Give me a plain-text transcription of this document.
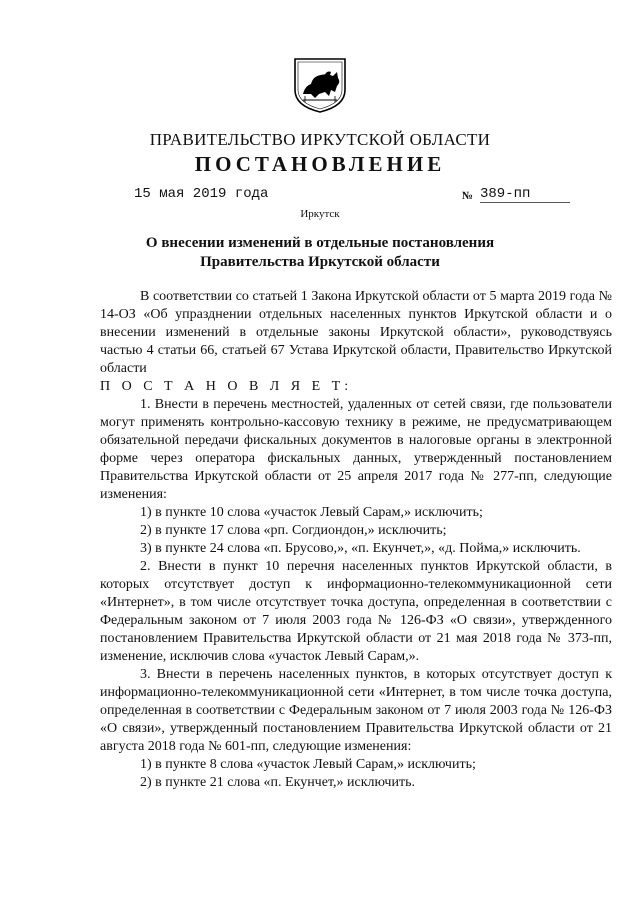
ПРАВИТЕЛЬСТВО ИРКУТСКОЙ ОБЛАСТИ
ПОСТАНОВЛЕНИЕ
15 мая 2019 года	№ 389-пп
Иркутск
О внесении изменений в отдельные постановления Правительства Иркутской области

В соответствии со статьей 1 Закона Иркутской области от 5 марта 2019 года № 14-ОЗ «Об упразднении отдельных населенных пунктов Иркутской области и о внесении изменений в отдельные законы Иркутской области», руководствуясь частью 4 статьи 66, статьей 67 Устава Иркутской области, Правительство Иркутской области

П О С Т А Н О В Л Я Е Т:

1. Внести в перечень местностей, удаленных от сетей связи, где пользователи могут применять контрольно-кассовую технику в режиме, не предусматривающем обязательной передачи фискальных документов в налоговые органы в электронной форме через оператора фискальных данных, утвержденный постановлением Правительства Иркутской области от 25 апреля 2017 года № 277-пп, следующие изменения:

1) в пункте 10 слова «участок Левый Сарам,» исключить;

2) в пункте 17 слова «рп. Согдиондон,» исключить;

3) в пункте 24 слова «п. Брусово,», «п. Екунчет,», «д. Пойма,» исключить.

2. Внести в пункт 10 перечня населенных пунктов Иркутской области, в которых отсутствует доступ к информационно-телекоммуникационной сети «Интернет», в том числе отсутствует точка доступа, определенная в соответствии с Федеральным законом от 7 июля 2003 года № 126-ФЗ «О связи», утвержденного постановлением Правительства Иркутской области от 21 мая 2018 года № 373-пп, изменение, исключив слова «участок Левый Сарам,».

3. Внести в перечень населенных пунктов, в которых отсутствует доступ к информационно-телекоммуникационной сети «Интернет, в том числе точка доступа, определенная в соответствии с Федеральным законом от 7 июля 2003 года № 126-ФЗ «О связи», утвержденный постановлением Правительства Иркутской области от 21 августа 2018 года № 601-пп, следующие изменения:

1) в пункте 8 слова «участок Левый Сарам,» исключить;

2) в пункте 21 слова «п. Екунчет,» исключить.
